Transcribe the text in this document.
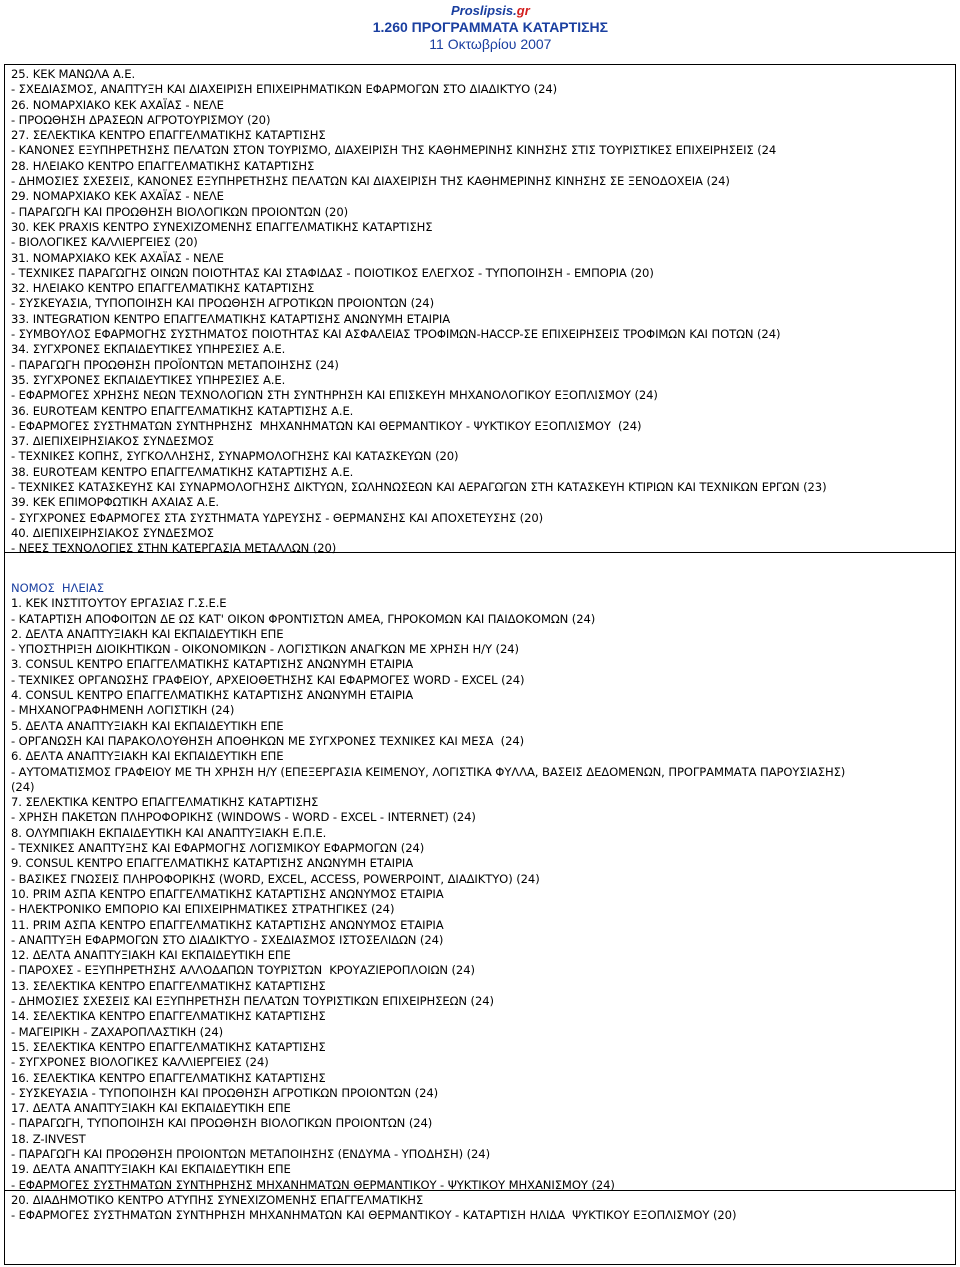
Proslipsis.gr
1.260 ΠΡΟΓΡΑΜΜΑΤΑ ΚΑΤΑΡΤΙΣΗΣ
11 Οκτωβρίου 2007
25. ΚΕΚ ΜΑΝΩΛΑ Α.Ε.
- ΣΧΕΔΙΑΣΜΟΣ, ΑΝΑΠΤΥΞΗ ΚΑΙ ΔΙΑΧΕΙΡΙΣΗ ΕΠΙΧΕΙΡΗΜΑΤΙΚΩΝ ΕΦΑΡΜΟΓΩΝ ΣΤΟ ΔΙΑΔΙΚΤΥΟ (24)
26. ΝΟΜΑΡΧΙΑΚΟ ΚΕΚ ΑΧΑΪΑΣ - ΝΕΛΕ
- ΠΡΟΩΘΗΣΗ ΔΡΑΣΕΩΝ ΑΓΡΟΤΟΥΡΙΣΜΟΥ (20)
27. ΣΕΛΕΚΤΙΚΑ ΚΕΝΤΡΟ ΕΠΑΓΓΕΛΜΑΤΙΚΗΣ ΚΑΤΑΡΤΙΣΗΣ
- ΚΑΝΟΝΕΣ ΕΞΥΠΗΡΕΤΗΣΗΣ ΠΕΛΑΤΩΝ ΣΤΟΝ ΤΟΥΡΙΣΜΟ, ΔΙΑΧΕΙΡΙΣΗ ΤΗΣ ΚΑΘΗΜΕΡΙΝΗΣ ΚΙΝΗΣΗΣ ΣΤΙΣ ΤΟΥΡΙΣΤΙΚΕΣ ΕΠΙΧΕΙΡΗΣΕΙΣ (24
28. ΗΛΕΙΑΚΟ ΚΕΝΤΡΟ ΕΠΑΓΓΕΛΜΑΤΙΚΗΣ ΚΑΤΑΡΤΙΣΗΣ
- ΔΗΜΟΣΙΕΣ ΣΧΕΣΕΙΣ, ΚΑΝΟΝΕΣ ΕΞΥΠΗΡΕΤΗΣΗΣ ΠΕΛΑΤΩΝ ΚΑΙ ΔΙΑΧΕΙΡΙΣΗ ΤΗΣ ΚΑΘΗΜΕΡΙΝΗΣ ΚΙΝΗΣΗΣ ΣΕ ΞΕΝΟΔΟΧΕΙΑ (24)
29. ΝΟΜΑΡΧΙΑΚΟ ΚΕΚ ΑΧΑΪΑΣ - ΝΕΛΕ
- ΠΑΡΑΓΩΓΗ ΚΑΙ ΠΡΟΩΘΗΣΗ ΒΙΟΛΟΓΙΚΩΝ ΠΡΟΙΟΝΤΩΝ (20)
30. ΚΕΚ PRAXIS ΚΕΝΤΡΟ ΣΥΝΕΧΙΖΟΜΕΝΗΣ ΕΠΑΓΓΕΛΜΑΤΙΚΗΣ ΚΑΤΑΡΤΙΣΗΣ
- ΒΙΟΛΟΓΙΚΕΣ ΚΑΛΛΙΕΡΓΕΙΕΣ (20)
31. ΝΟΜΑΡΧΙΑΚΟ ΚΕΚ ΑΧΑΪΑΣ - ΝΕΛΕ
- ΤΕΧΝΙΚΕΣ ΠΑΡΑΓΩΓΗΣ ΟΙΝΩΝ ΠΟΙΟΤΗΤΑΣ ΚΑΙ ΣΤΑΦΙΔΑΣ - ΠΟΙΟΤΙΚΟΣ ΕΛΕΓΧΟΣ - ΤΥΠΟΠΟΙΗΣΗ - ΕΜΠΟΡΙΑ (20)
32. ΗΛΕΙΑΚΟ ΚΕΝΤΡΟ ΕΠΑΓΓΕΛΜΑΤΙΚΗΣ ΚΑΤΑΡΤΙΣΗΣ
- ΣΥΣΚΕΥΑΣΙΑ, ΤΥΠΟΠΟΙΗΣΗ ΚΑΙ ΠΡΟΩΘΗΣΗ ΑΓΡΟΤΙΚΩΝ ΠΡΟΙΟΝΤΩΝ (24)
33. INTEGRATION ΚΕΝΤΡΟ ΕΠΑΓΓΕΛΜΑΤΙΚΗΣ ΚΑΤΑΡΤΙΣΗΣ ΑΝΩΝΥΜΗ ΕΤΑΙΡΙΑ
- ΣΥΜΒΟΥΛΟΣ ΕΦΑΡΜΟΓΗΣ ΣΥΣΤΗΜΑΤΟΣ ΠΟΙΟΤΗΤΑΣ ΚΑΙ ΑΣΦΑΛΕΙΑΣ ΤΡΟΦΙΜΩΝ-HACCP-ΣΕ ΕΠΙΧΕΙΡΗΣΕΙΣ ΤΡΟΦΙΜΩΝ ΚΑΙ ΠΟΤΩΝ (24)
34. ΣΥΓΧΡΟΝΕΣ ΕΚΠΑΙΔΕΥΤΙΚΕΣ ΥΠΗΡΕΣΙΕΣ Α.Ε.
- ΠΑΡΑΓΩΓΗ ΠΡΟΩΘΗΣΗ ΠΡΟΪΟΝΤΩΝ ΜΕΤΑΠΟΙΗΣΗΣ (24)
35. ΣΥΓΧΡΟΝΕΣ ΕΚΠΑΙΔΕΥΤΙΚΕΣ ΥΠΗΡΕΣΙΕΣ Α.Ε.
- ΕΦΑΡΜΟΓΕΣ ΧΡΗΣΗΣ ΝΕΩΝ ΤΕΧΝΟΛΟΓΙΩΝ ΣΤΗ ΣΥΝΤΗΡΗΣΗ ΚΑΙ ΕΠΙΣΚΕΥΗ ΜΗΧΑΝΟΛΟΓΙΚΟΥ ΕΞΟΠΛΙΣΜΟΥ (24)
36. EUROTEAM ΚΕΝΤΡΟ ΕΠΑΓΓΕΛΜΑΤΙΚΗΣ ΚΑΤΑΡΤΙΣΗΣ Α.Ε.
- ΕΦΑΡΜΟΓΕΣ ΣΥΣΤΗΜΑΤΩΝ ΣΥΝΤΗΡΗΣΗΣ  ΜΗΧΑΝΗΜΑΤΩΝ ΚΑΙ ΘΕΡΜΑΝΤΙΚΟΥ - ΨΥΚΤΙΚΟΥ ΕΞΟΠΛΙΣΜΟΥ  (24)
37. ΔΙΕΠΙΧΕΙΡΗΣΙΑΚΟΣ ΣΥΝΔΕΣΜΟΣ
- ΤΕΧΝΙΚΕΣ ΚΟΠΗΣ, ΣΥΓΚΟΛΛΗΣΗΣ, ΣΥΝΑΡΜΟΛΟΓΗΣΗΣ ΚΑΙ ΚΑΤΑΣΚΕΥΩΝ (20)
38. EUROTEAM ΚΕΝΤΡΟ ΕΠΑΓΓΕΛΜΑΤΙΚΗΣ ΚΑΤΑΡΤΙΣΗΣ Α.Ε.
- ΤΕΧΝΙΚΕΣ ΚΑΤΑΣΚΕΥΗΣ ΚΑΙ ΣΥΝΑΡΜΟΛΟΓΗΣΗΣ ΔΙΚΤΥΩΝ, ΣΩΛΗΝΩΣΕΩΝ ΚΑΙ ΑΕΡΑΓΩΓΩΝ ΣΤΗ ΚΑΤΑΣΚΕΥΗ ΚΤΙΡΙΩΝ ΚΑΙ ΤΕΧΝΙΚΩΝ ΕΡΓΩΝ (23)
39. ΚΕΚ ΕΠΙΜΟΡΦΩΤΙΚΗ ΑΧΑΙΑΣ Α.Ε.
- ΣΥΓΧΡΟΝΕΣ ΕΦΑΡΜΟΓΕΣ ΣΤΑ ΣΥΣΤΗΜΑΤΑ ΥΔΡΕΥΣΗΣ - ΘΕΡΜΑΝΣΗΣ ΚΑΙ ΑΠΟΧΕΤΕΥΣΗΣ (20)
40. ΔΙΕΠΙΧΕΙΡΗΣΙΑΚΟΣ ΣΥΝΔΕΣΜΟΣ
- ΝΕΕΣ ΤΕΧΝΟΛΟΓΙΕΣ ΣΤΗΝ ΚΑΤΕΡΓΑΣΙΑ ΜΕΤΑΛΛΩΝ (20)
ΝΟΜΟΣ  ΗΛΕΙΑΣ
1. ΚΕΚ ΙΝΣΤΙΤΟΥΤΟΥ ΕΡΓΑΣΙΑΣ Γ.Σ.Ε.Ε
- ΚΑΤΑΡΤΙΣΗ ΑΠΟΦΟΙΤΩΝ ΔΕ ΩΣ ΚΑΤ' ΟΙΚΟΝ ΦΡΟΝΤΙΣΤΩΝ ΑΜΕΑ, ΓΗΡΟΚΟΜΩΝ ΚΑΙ ΠΑΙΔΟΚΟΜΩΝ (24)
2. ΔΕΛΤΑ ΑΝΑΠΤΥΞΙΑΚΗ ΚΑΙ ΕΚΠΑΙΔΕΥΤΙΚΗ ΕΠΕ
- ΥΠΟΣΤΗΡΙΞΗ ΔΙΟΙΚΗΤΙΚΩΝ - ΟΙΚΟΝΟΜΙΚΩΝ - ΛΟΓΙΣΤΙΚΩΝ ΑΝΑΓΚΩΝ ΜΕ ΧΡΗΣΗ Η/Υ (24)
3. CONSUL ΚΕΝΤΡΟ ΕΠΑΓΓΕΛΜΑΤΙΚΗΣ ΚΑΤΑΡΤΙΣΗΣ ΑΝΩΝΥΜΗ ΕΤΑΙΡΙΑ
- ΤΕΧΝΙΚΕΣ ΟΡΓΑΝΩΣΗΣ ΓΡΑΦΕΙΟΥ, ΑΡΧΕΙΟΘΕΤΗΣΗΣ ΚΑΙ ΕΦΑΡΜΟΓΕΣ WORD - EXCEL (24)
4. CONSUL ΚΕΝΤΡΟ ΕΠΑΓΓΕΛΜΑΤΙΚΗΣ ΚΑΤΑΡΤΙΣΗΣ ΑΝΩΝΥΜΗ ΕΤΑΙΡΙΑ
- ΜΗΧΑΝΟΓΡΑΦΗΜΕΝΗ ΛΟΓΙΣΤΙΚΗ (24)
5. ΔΕΛΤΑ ΑΝΑΠΤΥΞΙΑΚΗ ΚΑΙ ΕΚΠΑΙΔΕΥΤΙΚΗ ΕΠΕ
- ΟΡΓΑΝΩΣΗ ΚΑΙ ΠΑΡΑΚΟΛΟΥΘΗΣΗ ΑΠΟΘΗΚΩΝ ΜΕ ΣΥΓΧΡΟΝΕΣ ΤΕΧΝΙΚΕΣ ΚΑΙ ΜΕΣΑ  (24)
6. ΔΕΛΤΑ ΑΝΑΠΤΥΞΙΑΚΗ ΚΑΙ ΕΚΠΑΙΔΕΥΤΙΚΗ ΕΠΕ
- ΑΥΤΟΜΑΤΙΣΜΟΣ ΓΡΑΦΕΙΟΥ ΜΕ ΤΗ ΧΡΗΣΗ Η/Υ (ΕΠΕΞΕΡΓΑΣΙΑ ΚΕΙΜΕΝΟΥ, ΛΟΓΙΣΤΙΚΑ ΦΥΛΛΑ, ΒΑΣΕΙΣ ΔΕΔΟΜΕΝΩΝ, ΠΡΟΓΡΑΜΜΑΤΑ ΠΑΡΟΥΣΙΑΣΗΣ)
(24)
7. ΣΕΛΕΚΤΙΚΑ ΚΕΝΤΡΟ ΕΠΑΓΓΕΛΜΑΤΙΚΗΣ ΚΑΤΑΡΤΙΣΗΣ
- ΧΡΗΣΗ ΠΑΚΕΤΩΝ ΠΛΗΡΟΦΟΡΙΚΗΣ (WINDOWS - WORD - EXCEL - INTERNET) (24)
8. ΟΛΥΜΠΙΑΚΗ ΕΚΠΑΙΔΕΥΤΙΚΗ ΚΑΙ ΑΝΑΠΤΥΞΙΑΚΗ Ε.Π.Ε.
- ΤΕΧΝΙΚΕΣ ΑΝΑΠΤΥΞΗΣ ΚΑΙ ΕΦΑΡΜΟΓΗΣ ΛΟΓΙΣΜΙΚΟΥ ΕΦΑΡΜΟΓΩΝ (24)
9. CONSUL ΚΕΝΤΡΟ ΕΠΑΓΓΕΛΜΑΤΙΚΗΣ ΚΑΤΑΡΤΙΣΗΣ ΑΝΩΝΥΜΗ ΕΤΑΙΡΙΑ
- ΒΑΣΙΚΕΣ ΓΝΩΣΕΙΣ ΠΛΗΡΟΦΟΡΙΚΗΣ (WORD, EXCEL, ACCESS, POWERPOINT, ΔΙΑΔΙΚΤΥΟ) (24)
10. PRIM ΑΣΠΑ ΚΕΝΤΡΟ ΕΠΑΓΓΕΛΜΑΤΙΚΗΣ ΚΑΤΑΡΤΙΣΗΣ ΑΝΩΝΥΜΟΣ ΕΤΑΙΡΙΑ
- ΗΛΕΚΤΡΟΝΙΚΟ ΕΜΠΟΡΙΟ ΚΑΙ ΕΠΙΧΕΙΡΗΜΑΤΙΚΕΣ ΣΤΡΑΤΗΓΙΚΕΣ (24)
11. PRIM ΑΣΠΑ ΚΕΝΤΡΟ ΕΠΑΓΓΕΛΜΑΤΙΚΗΣ ΚΑΤΑΡΤΙΣΗΣ ΑΝΩΝΥΜΟΣ ΕΤΑΙΡΙΑ
- ΑΝΑΠΤΥΞΗ ΕΦΑΡΜΟΓΩΝ ΣΤΟ ΔΙΑΔΙΚΤΥΟ - ΣΧΕΔΙΑΣΜΟΣ ΙΣΤΟΣΕΛΙΔΩΝ (24)
12. ΔΕΛΤΑ ΑΝΑΠΤΥΞΙΑΚΗ ΚΑΙ ΕΚΠΑΙΔΕΥΤΙΚΗ ΕΠΕ
- ΠΑΡΟΧΕΣ - ΕΞΥΠΗΡΕΤΗΣΗΣ ΑΛΛΟΔΑΠΩΝ ΤΟΥΡΙΣΤΩΝ  ΚΡΟΥΑΖΙΕΡΟΠΛΟΙΩΝ (24)
13. ΣΕΛΕΚΤΙΚΑ ΚΕΝΤΡΟ ΕΠΑΓΓΕΛΜΑΤΙΚΗΣ ΚΑΤΑΡΤΙΣΗΣ
- ΔΗΜΟΣΙΕΣ ΣΧΕΣΕΙΣ ΚΑΙ ΕΞΥΠΗΡΕΤΗΣΗ ΠΕΛΑΤΩΝ ΤΟΥΡΙΣΤΙΚΩΝ ΕΠΙΧΕΙΡΗΣΕΩΝ (24)
14. ΣΕΛΕΚΤΙΚΑ ΚΕΝΤΡΟ ΕΠΑΓΓΕΛΜΑΤΙΚΗΣ ΚΑΤΑΡΤΙΣΗΣ
- ΜΑΓΕΙΡΙΚΗ - ΖΑΧΑΡΟΠΛΑΣΤΙΚΗ (24)
15. ΣΕΛΕΚΤΙΚΑ ΚΕΝΤΡΟ ΕΠΑΓΓΕΛΜΑΤΙΚΗΣ ΚΑΤΑΡΤΙΣΗΣ
- ΣΥΓΧΡΟΝΕΣ ΒΙΟΛΟΓΙΚΕΣ ΚΑΛΛΙΕΡΓΕΙΕΣ (24)
16. ΣΕΛΕΚΤΙΚΑ ΚΕΝΤΡΟ ΕΠΑΓΓΕΛΜΑΤΙΚΗΣ ΚΑΤΑΡΤΙΣΗΣ
- ΣΥΣΚΕΥΑΣΙΑ - ΤΥΠΟΠΟΙΗΣΗ ΚΑΙ ΠΡΟΩΘΗΣΗ ΑΓΡΟΤΙΚΩΝ ΠΡΟΙΟΝΤΩΝ (24)
17. ΔΕΛΤΑ ΑΝΑΠΤΥΞΙΑΚΗ ΚΑΙ ΕΚΠΑΙΔΕΥΤΙΚΗ ΕΠΕ
- ΠΑΡΑΓΩΓΗ, ΤΥΠΟΠΟΙΗΣΗ ΚΑΙ ΠΡΟΩΘΗΣΗ ΒΙΟΛΟΓΙΚΩΝ ΠΡΟΙΟΝΤΩΝ (24)
18. Z-INVEST
- ΠΑΡΑΓΩΓΗ ΚΑΙ ΠΡΟΩΘΗΣΗ ΠΡΟΙΟΝΤΩΝ ΜΕΤΑΠΟΙΗΣΗΣ (ΕΝΔΥΜΑ - ΥΠΟΔΗΣΗ) (24)
19. ΔΕΛΤΑ ΑΝΑΠΤΥΞΙΑΚΗ ΚΑΙ ΕΚΠΑΙΔΕΥΤΙΚΗ ΕΠΕ
- ΕΦΑΡΜΟΓΕΣ ΣΥΣΤΗΜΑΤΩΝ ΣΥΝΤΗΡΗΣΗΣ ΜΗΧΑΝΗΜΑΤΩΝ ΘΕΡΜΑΝΤΙΚΟΥ - ΨΥΚΤΙΚΟΥ ΜΗΧΑΝΙΣΜΟΥ (24)
20. ΔΙΑΔΗΜΟΤΙΚΟ ΚΕΝΤΡΟ ΑΤΥΠΗΣ ΣΥΝΕΧΙΖΟΜΕΝΗΣ ΕΠΑΓΓΕΛΜΑΤΙΚΗΣ
- ΕΦΑΡΜΟΓΕΣ ΣΥΣΤΗΜΑΤΩΝ ΣΥΝΤΗΡΗΣΗ ΜΗΧΑΝΗΜΑΤΩΝ ΚΑΙ ΘΕΡΜΑΝΤΙΚΟΥ - ΚΑΤΑΡΤΙΣΗ ΗΛΙΔΑ  ΨΥΚΤΙΚΟΥ ΕΞΟΠΛΙΣΜΟΥ (20)
